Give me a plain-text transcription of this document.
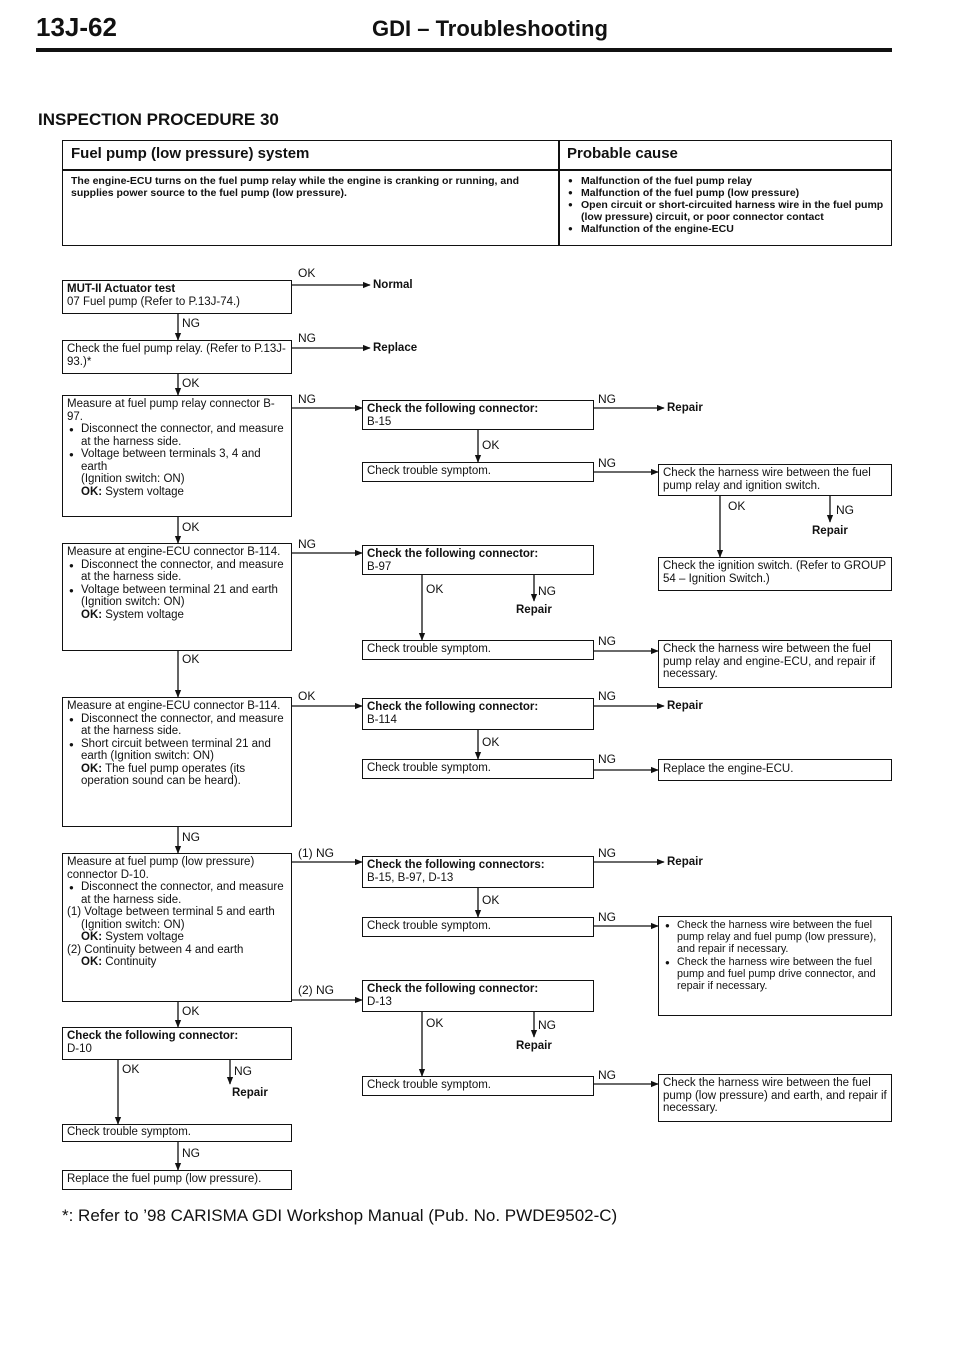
13J-62	GDI – Troubleshooting
INSPECTION PROCEDURE 30
Fuel pump (low pressure) system	Probable cause
The engine-ECU turns on the fuel pump relay while the engine is cranking or running, and supplies power source to the fuel pump (low pressure).
● Malfunction of the fuel pump relay
● Malfunction of the fuel pump (low pressure)
● Open circuit or short-circuited harness wire in the fuel pump (low pressure) circuit, or poor connector contact
● Malfunction of the engine-ECU
MUT-II Actuator test
07 Fuel pump (Refer to P.13J-74.)
Check the fuel pump relay. (Refer to P.13J-93.)*
Measure at fuel pump relay connector B-97.
● Disconnect the connector, and measure at the harness side.
● Voltage between terminals 3, 4 and earth
(Ignition switch: ON)
OK: System voltage
Measure at engine-ECU connector B-114.
● Disconnect the connector, and measure at the harness side.
● Voltage between terminal 21 and earth (Ignition switch: ON)
OK: System voltage
Measure at engine-ECU connector B-114.
● Disconnect the connector, and measure at the harness side.
● Short circuit between terminal 21 and earth (Ignition switch: ON)
OK: The fuel pump operates (its operation sound can be heard).
Measure at fuel pump (low pressure) connector D-10.
● Disconnect the connector, and measure at the harness side.
(1) Voltage between terminal 5 and earth
(Ignition switch: ON)
OK: System voltage
(2) Continuity between 4 and earth
OK: Continuity
Check the following connector:
D-10
Check trouble symptom.
Replace the fuel pump (low pressure).
Check the following connector:
B-15
Check trouble symptom.
Check the following connector:
B-97
Check trouble symptom.
Check the following connector:
B-114
Check trouble symptom.
Check the following connectors:
B-15, B-97, D-13
Check trouble symptom.
Check the following connector:
D-13
Check trouble symptom.
Check the harness wire between the fuel pump relay and ignition switch.
Check the ignition switch. (Refer to GROUP 54 – Ignition Switch.)
Check the harness wire between the fuel pump relay and engine-ECU, and repair if necessary.
Replace the engine-ECU.
● Check the harness wire between the fuel pump relay and fuel pump (low pressure), and repair if necessary.
● Check the harness wire between the fuel pump and fuel pump drive connector, and repair if necessary.
Check the harness wire between the fuel pump (low pressure) and earth, and repair if necessary.
OK
NG
NG
OK
NG
OK
NG
OK
OK
NG
(1) NG
(2) NG
OK
OK	NG
NG
NG
OK
NG
OK	NG
NG
NG
OK
NG
NG
OK
NG
OK	NG
NG
OK	NG
Normal
Replace
Repair
Repair
Repair
Repair
Repair
Repair
Repair
*: Refer to ’98 CARISMA GDI Workshop Manual (Pub. No. PWDE9502-C)
